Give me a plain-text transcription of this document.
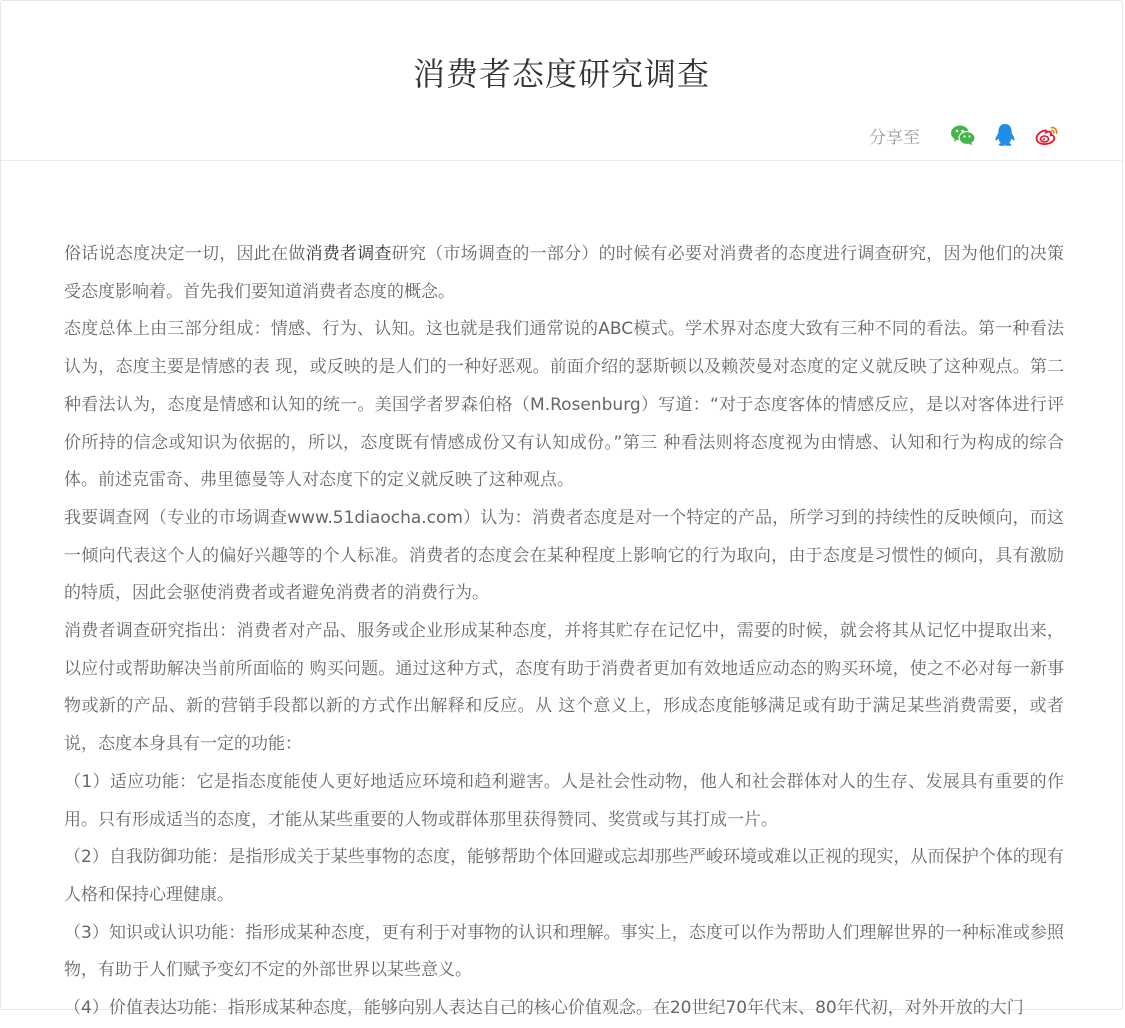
消费者态度研究调查
分享至

俗话说态度决定一切，因此在做消费者调查研究（市场调查的一部分）的时候有必要对消费者的态度进行调查研究，因为他们的决策受态度影响着。首先我们要知道消费者态度的概念。

态度总体上由三部分组成：情感、行为、认知。这也就是我们通常说的ABC模式。学术界对态度大致有三种不同的看法。第一种看法认为，态度主要是情感的表 现，或反映的是人们的一种好恶观。前面介绍的瑟斯顿以及赖茨曼对态度的定义就反映了这种观点。第二种看法认为，态度是情感和认知的统一。美国学者罗森伯格（M.Rosenburg）写道：“对于态度客体的情感反应，是以对客体进行评价所持的信念或知识为依据的，所以，态度既有情感成份又有认知成份。”第三 种看法则将态度视为由情感、认知和行为构成的综合体。前述克雷奇、弗里德曼等人对态度下的定义就反映了这种观点。

我要调查网（专业的市场调查www.51diaocha.com）认为：消费者态度是对一个特定的产品，所学习到的持续性的反映倾向，而这一倾向代表这个人的偏好兴趣等的个人标准。消费者的态度会在某种程度上影响它的行为取向，由于态度是习惯性的倾向，具有激励的特质，因此会驱使消费者或者避免消费者的消费行为。

消费者调查研究指出：消费者对产品、服务或企业形成某种态度，并将其贮存在记忆中，需要的时候，就会将其从记忆中提取出来，以应付或帮助解决当前所面临的 购买问题。通过这种方式，态度有助于消费者更加有效地适应动态的购买环境，使之不必对每一新事物或新的产品、新的营销手段都以新的方式作出解释和反应。从 这个意义上，形成态度能够满足或有助于满足某些消费需要，或者说，态度本身具有一定的功能：

（1）适应功能：它是指态度能使人更好地适应环境和趋利避害。人是社会性动物，他人和社会群体对人的生存、发展具有重要的作用。只有形成适当的态度，才能从某些重要的人物或群体那里获得赞同、奖赏或与其打成一片。

（2）自我防御功能：是指形成关于某些事物的态度，能够帮助个体回避或忘却那些严峻环境或难以正视的现实，从而保护个体的现有人格和保持心理健康。

（3）知识或认识功能：指形成某种态度，更有利于对事物的认识和理解。事实上，态度可以作为帮助人们理解世界的一种标准或参照物，有助于人们赋予变幻不定的外部世界以某些意义。

（4）价值表达功能：指形成某种态度，能够向别人表达自己的核心价值观念。在20世纪70年代末、80年代初，对外开放的大门
